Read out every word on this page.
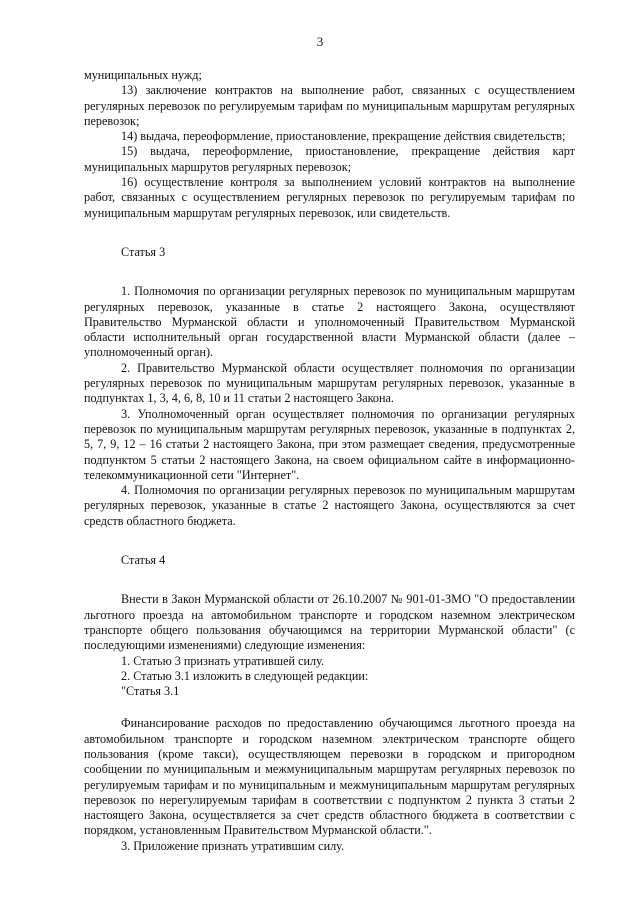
3

муниципальных нужд;

13) заключение контрактов на выполнение работ, связанных с осуществлением регулярных перевозок по регулируемым тарифам по муниципальным маршрутам регулярных перевозок;

14) выдача, переоформление, приостановление, прекращение действия свидетельств;

15) выдача, переоформление, приостановление, прекращение действия карт муниципальных маршрутов регулярных перевозок;

16) осуществление контроля за выполнением условий контрактов на выполнение работ, связанных с осуществлением регулярных перевозок по регулируемым тарифам по муниципальным маршрутам регулярных перевозок, или свидетельств.

Статья 3

1. Полномочия по организации регулярных перевозок по муниципальным маршрутам регулярных перевозок, указанные в статье 2 настоящего Закона, осуществляют Правительство Мурманской области и уполномоченный Правительством Мурманской области исполнительный орган государственной власти Мурманской области (далее – уполномоченный орган).

2. Правительство Мурманской области осуществляет полномочия по организации регулярных перевозок по муниципальным маршрутам регулярных перевозок, указанные в подпунктах 1, 3, 4, 6, 8, 10 и 11 статьи 2 настоящего Закона.

3. Уполномоченный орган осуществляет полномочия по организации регулярных перевозок по муниципальным маршрутам регулярных перевозок, указанные в подпунктах 2, 5, 7, 9, 12 – 16 статьи 2 настоящего Закона, при этом размещает сведения, предусмотренные подпунктом 5 статьи 2 настоящего Закона, на своем официальном сайте в информационно-телекоммуникационной сети "Интернет".

4. Полномочия по организации регулярных перевозок по муниципальным маршрутам регулярных перевозок, указанные в статье 2 настоящего Закона, осуществляются за счет средств областного бюджета.

Статья 4

Внести в Закон Мурманской области от 26.10.2007 № 901-01-ЗМО "О предоставлении льготного проезда на автомобильном транспорте и городском наземном электрическом транспорте общего пользования обучающимся на территории Мурманской области" (с последующими изменениями) следующие изменения:

1. Статью 3 признать утратившей силу.

2. Статью 3.1 изложить в следующей редакции:

"Статья 3.1

Финансирование расходов по предоставлению обучающимся льготного проезда на автомобильном транспорте и городском наземном электрическом транспорте общего пользования (кроме такси), осуществляющем перевозки в городском и пригородном сообщении по муниципальным и межмуниципальным маршрутам регулярных перевозок по регулируемым тарифам и по муниципальным и межмуниципальным маршрутам регулярных перевозок по нерегулируемым тарифам в соответствии с подпунктом 2 пункта 3 статьи 2 настоящего Закона, осуществляется за счет средств областного бюджета в соответствии с порядком, установленным Правительством Мурманской области.".

3. Приложение признать утратившим силу.
